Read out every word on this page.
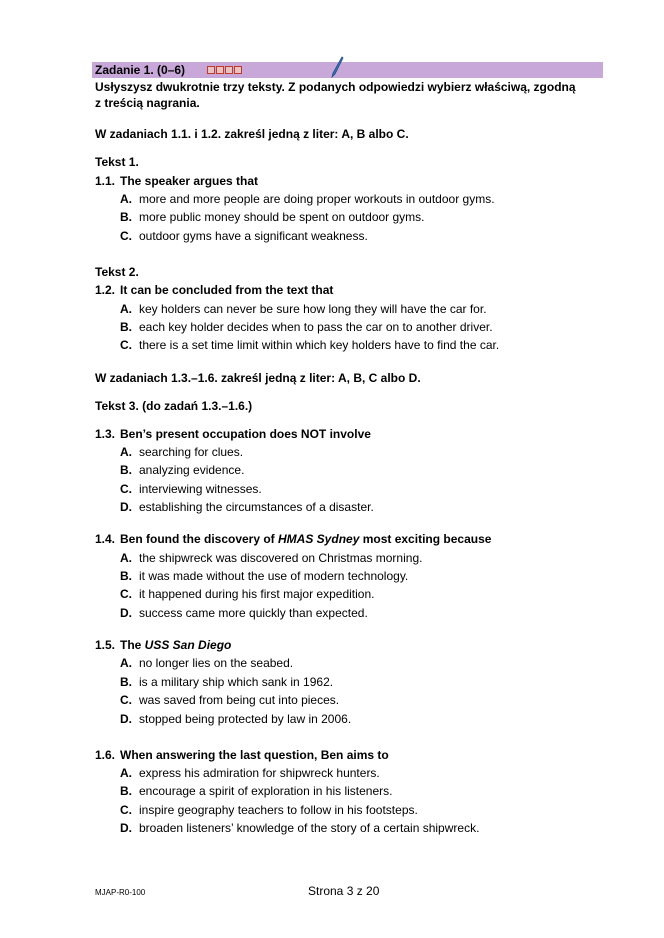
Zadanie 1. (0–6)
Usłyszysz dwukrotnie trzy teksty. Z podanych odpowiedzi wybierz właściwą, zgodną
z treścią nagrania.
W zadaniach 1.1. i 1.2. zakreśl jedną z liter: A, B albo C.
Tekst 1.
1.1. The speaker argues that
A. more and more people are doing proper workouts in outdoor gyms.
B. more public money should be spent on outdoor gyms.
C. outdoor gyms have a significant weakness.
Tekst 2.
1.2. It can be concluded from the text that
A. key holders can never be sure how long they will have the car for.
B. each key holder decides when to pass the car on to another driver.
C. there is a set time limit within which key holders have to find the car.
W zadaniach 1.3.–1.6. zakreśl jedną z liter: A, B, C albo D.
Tekst 3. (do zadań 1.3.–1.6.)
1.3. Ben’s present occupation does NOT involve
A. searching for clues.
B. analyzing evidence.
C. interviewing witnesses.
D. establishing the circumstances of a disaster.
1.4. Ben found the discovery of HMAS Sydney most exciting because
A. the shipwreck was discovered on Christmas morning.
B. it was made without the use of modern technology.
C. it happened during his first major expedition.
D. success came more quickly than expected.
1.5. The USS San Diego
A. no longer lies on the seabed.
B. is a military ship which sank in 1962.
C. was saved from being cut into pieces.
D. stopped being protected by law in 2006.
1.6. When answering the last question, Ben aims to
A. express his admiration for shipwreck hunters.
B. encourage a spirit of exploration in his listeners.
C. inspire geography teachers to follow in his footsteps.
D. broaden listeners’ knowledge of the story of a certain shipwreck.
MJAP-R0-100	Strona 3 z 20
